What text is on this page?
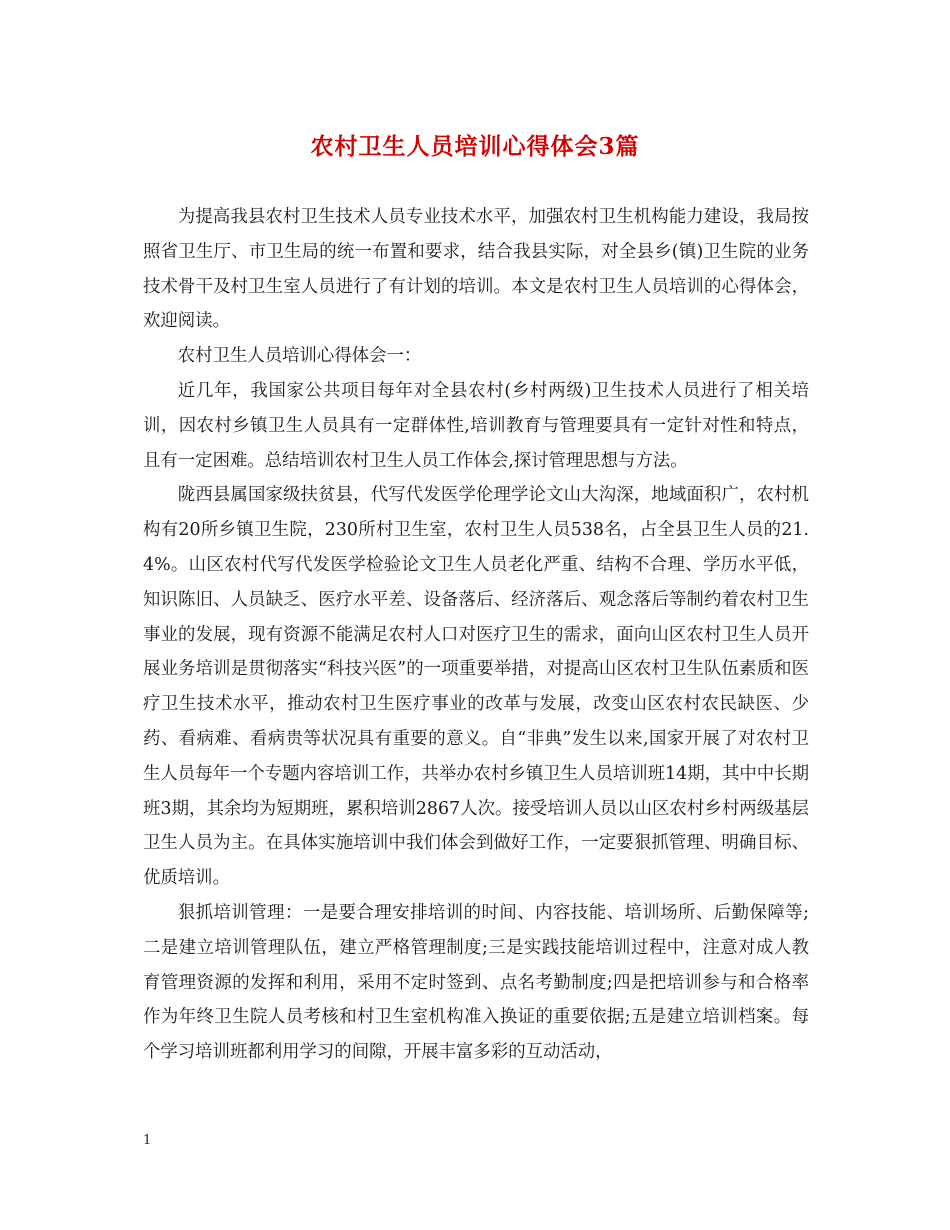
农村卫生人员培训心得体会3篇

为提高我县农村卫生技术人员专业技术水平，加强农村卫生机构能力建设，我局按照省卫生厅、市卫生局的统一布置和要求，结合我县实际，对全县乡(镇)卫生院的业务技术骨干及村卫生室人员进行了有计划的培训。本文是农村卫生人员培训的心得体会，欢迎阅读。

农村卫生人员培训心得体会一：

近几年，我国家公共项目每年对全县农村(乡村两级)卫生技术人员进行了相关培训，因农村乡镇卫生人员具有一定群体性,培训教育与管理要具有一定针对性和特点，且有一定困难。总结培训农村卫生人员工作体会,探讨管理思想与方法。

陇西县属国家级扶贫县，代写代发医学伦理学论文山大沟深，地域面积广，农村机构有20所乡镇卫生院，230所村卫生室，农村卫生人员538名，占全县卫生人员的21.4%。山区农村代写代发医学检验论文卫生人员老化严重、结构不合理、学历水平低，知识陈旧、人员缺乏、医疗水平差、设备落后、经济落后、观念落后等制约着农村卫生事业的发展，现有资源不能满足农村人口对医疗卫生的需求，面向山区农村卫生人员开展业务培训是贯彻落实“科技兴医”的一项重要举措，对提高山区农村卫生队伍素质和医疗卫生技术水平，推动农村卫生医疗事业的改革与发展，改变山区农村农民缺医、少药、看病难、看病贵等状况具有重要的意义。自“非典”发生以来,国家开展了对农村卫生人员每年一个专题内容培训工作，共举办农村乡镇卫生人员培训班14期，其中中长期班3期，其余均为短期班，累积培训2867人次。接受培训人员以山区农村乡村两级基层卫生人员为主。在具体实施培训中我们体会到做好工作，一定要狠抓管理、明确目标、优质培训。

狠抓培训管理：一是要合理安排培训的时间、内容技能、培训场所、后勤保障等;二是建立培训管理队伍，建立严格管理制度;三是实践技能培训过程中，注意对成人教育管理资源的发挥和利用，采用不定时签到、点名考勤制度;四是把培训参与和合格率作为年终卫生院人员考核和村卫生室机构准入换证的重要依据;五是建立培训档案。每个学习培训班都利用学习的间隙，开展丰富多彩的互动活动，

1
